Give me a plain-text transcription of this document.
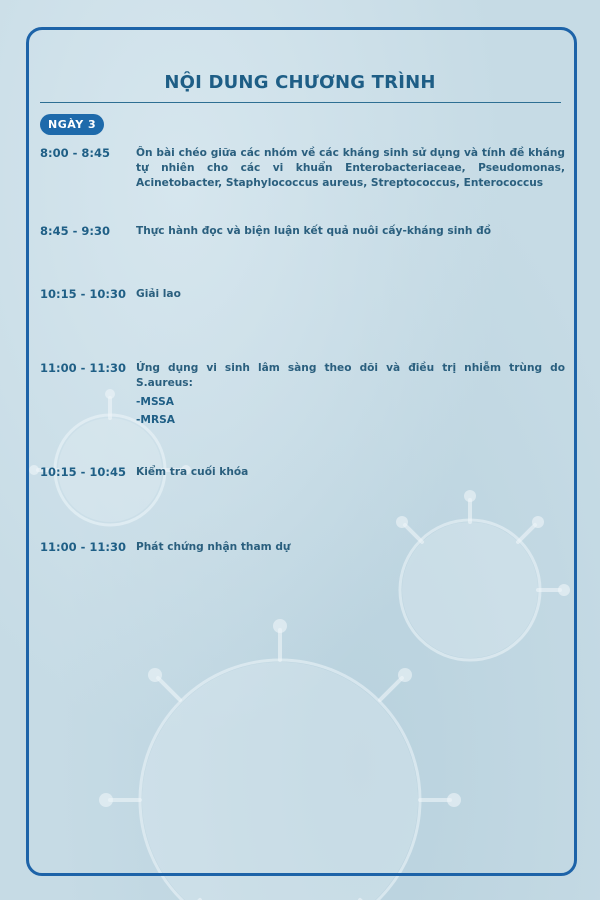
NỘI DUNG CHƯƠNG TRÌNH
NGÀY 3
8:00 - 8:45	Ôn bài chéo giữa các nhóm về các kháng sinh sử dụng và tính đề kháng tự nhiên cho các vi khuẩn Enterobacteriaceae, Pseudomonas, Acinetobacter, Staphylococcus aureus, Streptococcus, Enterococcus
8:45 - 9:30	Thực hành đọc và biện luận kết quả nuôi cấy-kháng sinh đồ
10:15 - 10:30 Giải lao
11:00 - 11:30 Ứng dụng vi sinh lâm sàng theo dõi và điều trị nhiễm trùng do S.aureus:
-MSSA
-MRSA
10:15 - 10:45 Kiểm tra cuối khóa
11:00 - 11:30 Phát chứng nhận tham dự
